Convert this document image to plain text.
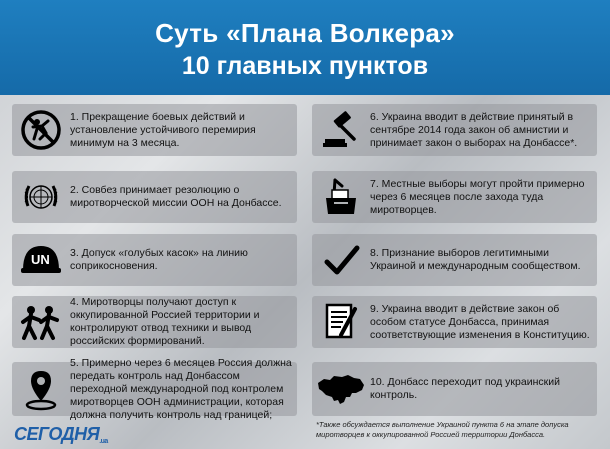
Суть «Плана Волкера»
10 главных пунктов
1. Прекращение боевых действий и установление устойчивого перемирия минимум на 3 месяца.
2. Совбез принимает резолюцию о миротворческой миссии ООН на Донбассе.
UN 3. Допуск «голубых касок» на линию соприкосновения.
4. Миротворцы получают доступ к оккупированной Россией территории и контролируют отвод техники и вывод российских формирований.
5. Примерно через 6 месяцев Россия должна передать контроль над Донбассом переходной международной под контролем миротворцев ООН администрации, которая должна получить контроль над границей;
6. Украина вводит в действие принятый в сентябре 2014 года закон об амнистии и принимает закон о выборах на Донбассе*.
7. Местные выборы могут пройти примерно через 6 месяцев после захода туда миротворцев.
8. Признание выборов легитимными Украиной и международным сообществом.
9. Украина вводит в действие закон об особом статусе Донбасса, принимая соответствующие изменения в Конституцию.
10. Донбасс переходит под украинский контроль.
СЕГОДНЯ.ua
*Также обсуждается выполнение Украиной пункта 6 на этапе допуска миротворцев к оккупированной Россией территории Донбасса.
